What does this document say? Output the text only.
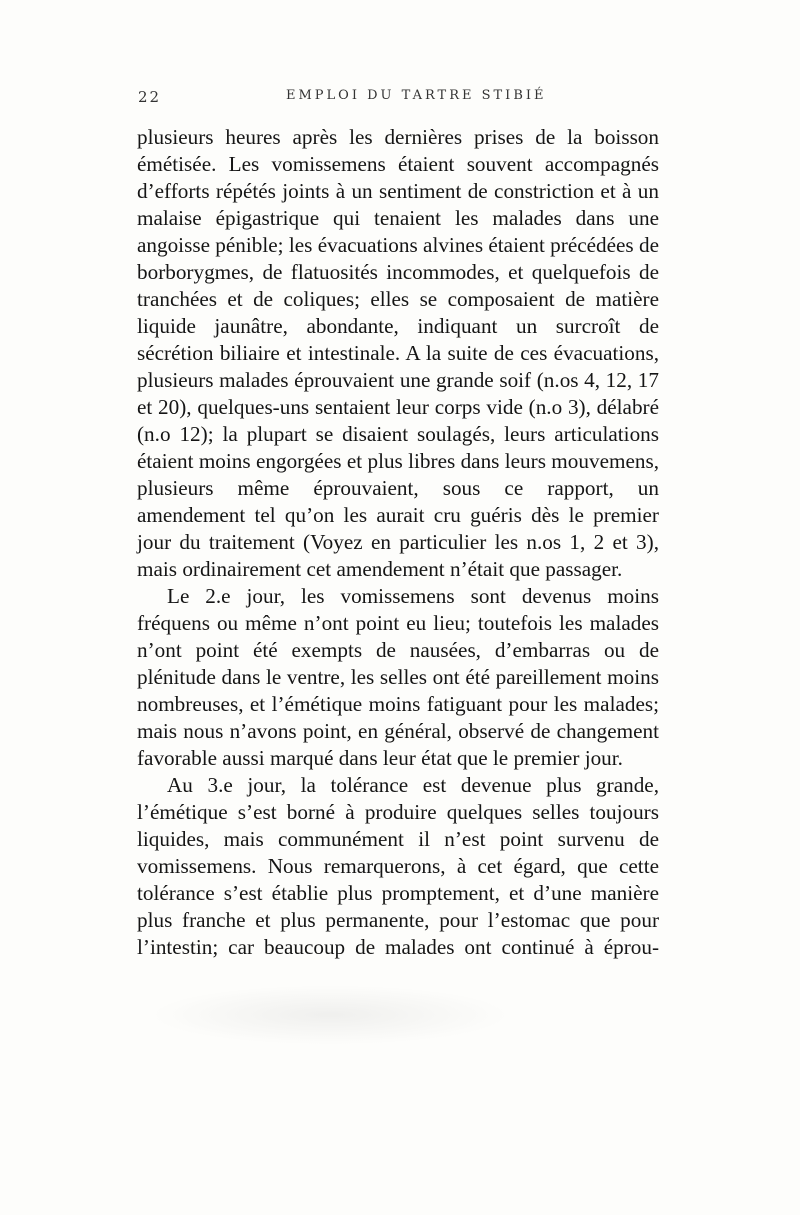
22	EMPLOI DU TARTRE STIBIÉ

plusieurs heures après les dernières prises de la boisson émétisée. Les vomissemens étaient souvent accompagnés d’efforts répétés joints à un sentiment de constriction et à un malaise épigastrique qui tenaient les malades dans une angoisse pénible; les évacuations alvines étaient précédées de borborygmes, de flatuosités incommodes, et quelquefois de tranchées et de coliques; elles se composaient de matière liquide jaunâtre, abondante, indiquant un surcroît de sécrétion biliaire et intestinale. A la suite de ces évacuations, plusieurs malades éprouvaient une grande soif (n.os 4, 12, 17 et 20), quelques-uns sentaient leur corps vide (n.o 3), délabré (n.o 12); la plupart se disaient soulagés, leurs articulations étaient moins engorgées et plus libres dans leurs mouvemens, plusieurs même éprouvaient, sous ce rapport, un amendement tel qu’on les aurait cru guéris dès le premier jour du traitement (Voyez en particulier les n.os 1, 2 et 3), mais ordinairement cet amendement n’était que passager.

Le 2.e jour, les vomissemens sont devenus moins fréquens ou même n’ont point eu lieu; toutefois les malades n’ont point été exempts de nausées, d’embarras ou de plénitude dans le ventre, les selles ont été pareillement moins nombreuses, et l’émétique moins fatiguant pour les malades; mais nous n’avons point, en général, observé de changement favorable aussi marqué dans leur état que le premier jour.

Au 3.e jour, la tolérance est devenue plus grande, l’émétique s’est borné à produire quelques selles toujours liquides, mais communément il n’est point survenu de vomissemens. Nous remarquerons, à cet égard, que cette tolérance s’est établie plus promptement, et d’une manière plus franche et plus permanente, pour l’estomac que pour l’intestin; car beaucoup de malades ont continué à éprou-
